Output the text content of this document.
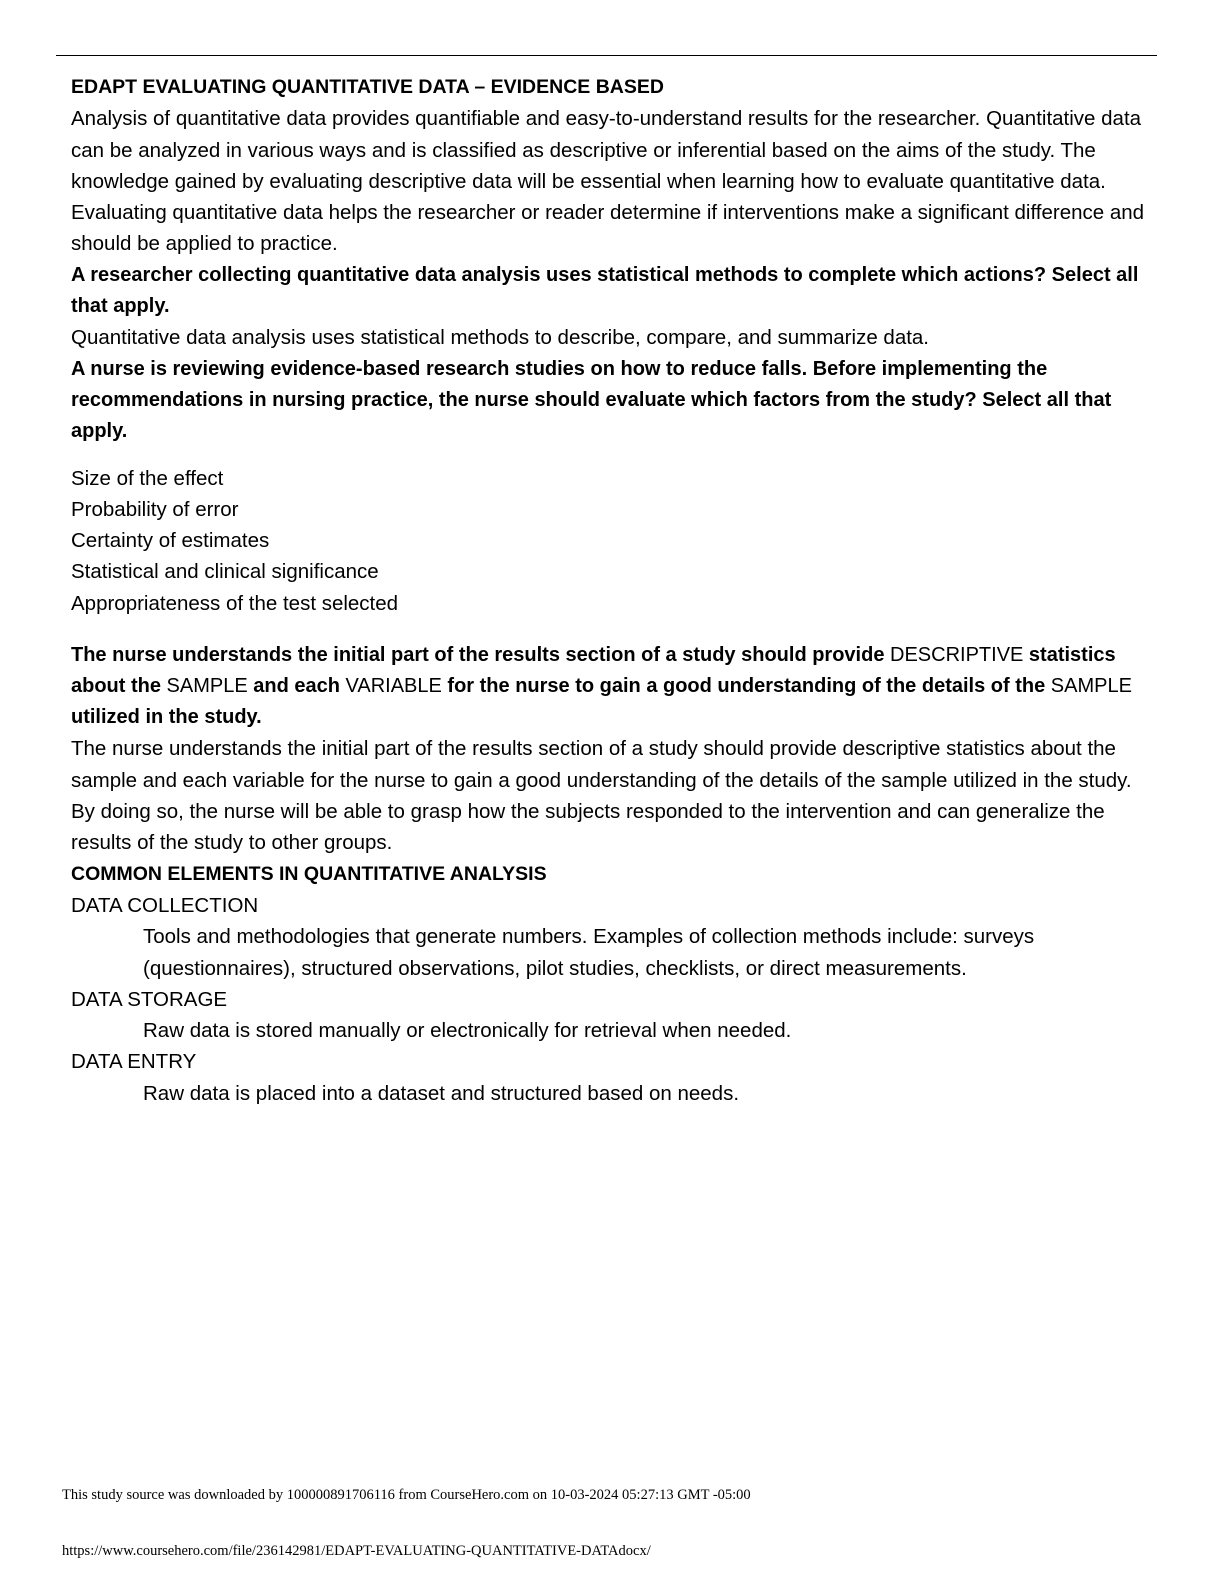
EDAPT EVALUATING QUANTITATIVE DATA – EVIDENCE BASED

Analysis of quantitative data provides quantifiable and easy-to-understand results for the researcher. Quantitative data can be analyzed in various ways and is classified as descriptive or inferential based on the aims of the study. The knowledge gained by evaluating descriptive data will be essential when learning how to evaluate quantitative data. Evaluating quantitative data helps the researcher or reader determine if interventions make a significant difference and should be applied to practice.

A researcher collecting quantitative data analysis uses statistical methods to complete which actions? Select all that apply.

Quantitative data analysis uses statistical methods to describe, compare, and summarize data.

A nurse is reviewing evidence-based research studies on how to reduce falls. Before implementing the recommendations in nursing practice, the nurse should evaluate which factors from the study? Select all that apply.

Size of the effect
Probability of error
Certainty of estimates
Statistical and clinical significance
Appropriateness of the test selected

The nurse understands the initial part of the results section of a study should provide DESCRIPTIVE statistics about the SAMPLE and each VARIABLE for the nurse to gain a good understanding of the details of the SAMPLE utilized in the study.

The nurse understands the initial part of the results section of a study should provide descriptive statistics about the sample and each variable for the nurse to gain a good understanding of the details of the sample utilized in the study. By doing so, the nurse will be able to grasp how the subjects responded to the intervention and can generalize the results of the study to other groups.

COMMON ELEMENTS IN QUANTITATIVE ANALYSIS

DATA COLLECTION

Tools and methodologies that generate numbers. Examples of collection methods include: surveys (questionnaires), structured observations, pilot studies, checklists, or direct measurements.

DATA STORAGE

Raw data is stored manually or electronically for retrieval when needed.

DATA ENTRY

Raw data is placed into a dataset and structured based on needs.

This study source was downloaded by 100000891706116 from CourseHero.com on 10-03-2024 05:27:13 GMT -05:00
https://www.coursehero.com/file/236142981/EDAPT-EVALUATING-QUANTITATIVE-DATAdocx/
